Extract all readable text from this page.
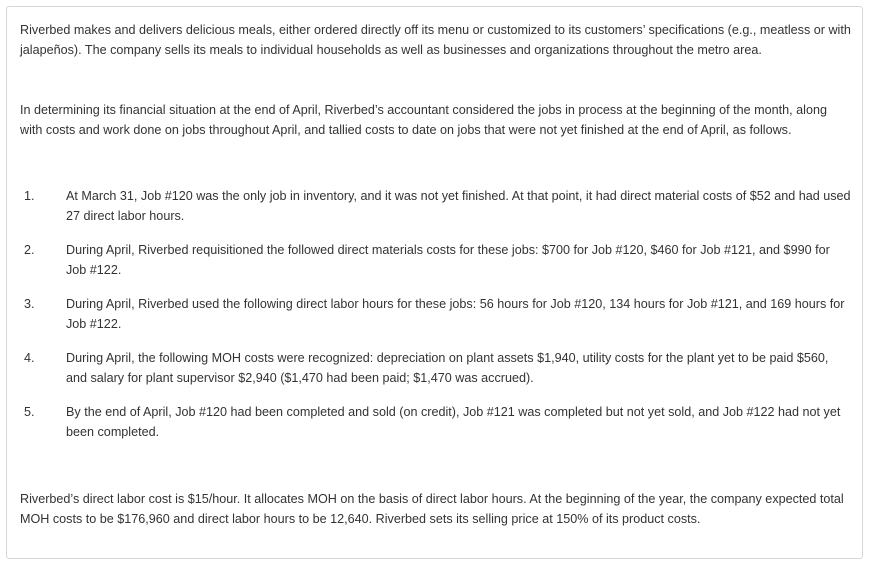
Riverbed makes and delivers delicious meals, either ordered directly off its menu or customized to its customers’ specifications (e.g., meatless or with jalapeños). The company sells its meals to individual households as well as businesses and organizations throughout the metro area.

In determining its financial situation at the end of April, Riverbed’s accountant considered the jobs in process at the beginning of the month, along with costs and work done on jobs throughout April, and tallied costs to date on jobs that were not yet finished at the end of April, as follows.

1.	At March 31, Job #120 was the only job in inventory, and it was not yet finished. At that point, it had direct material costs of $52 and had used 27 direct labor hours.
2.	During April, Riverbed requisitioned the followed direct materials costs for these jobs: $700 for Job #120, $460 for Job #121, and $990 for Job #122.
3.	During April, Riverbed used the following direct labor hours for these jobs: 56 hours for Job #120, 134 hours for Job #121, and 169 hours for Job #122.
4.	During April, the following MOH costs were recognized: depreciation on plant assets $1,940, utility costs for the plant yet to be paid $560, and salary for plant supervisor $2,940 ($1,470 had been paid; $1,470 was accrued).
5.	By the end of April, Job #120 had been completed and sold (on credit), Job #121 was completed but not yet sold, and Job #122 had not yet been completed.

Riverbed’s direct labor cost is $15/hour. It allocates MOH on the basis of direct labor hours. At the beginning of the year, the company expected total MOH costs to be $176,960 and direct labor hours to be 12,640. Riverbed sets its selling price at 150% of its product costs.
